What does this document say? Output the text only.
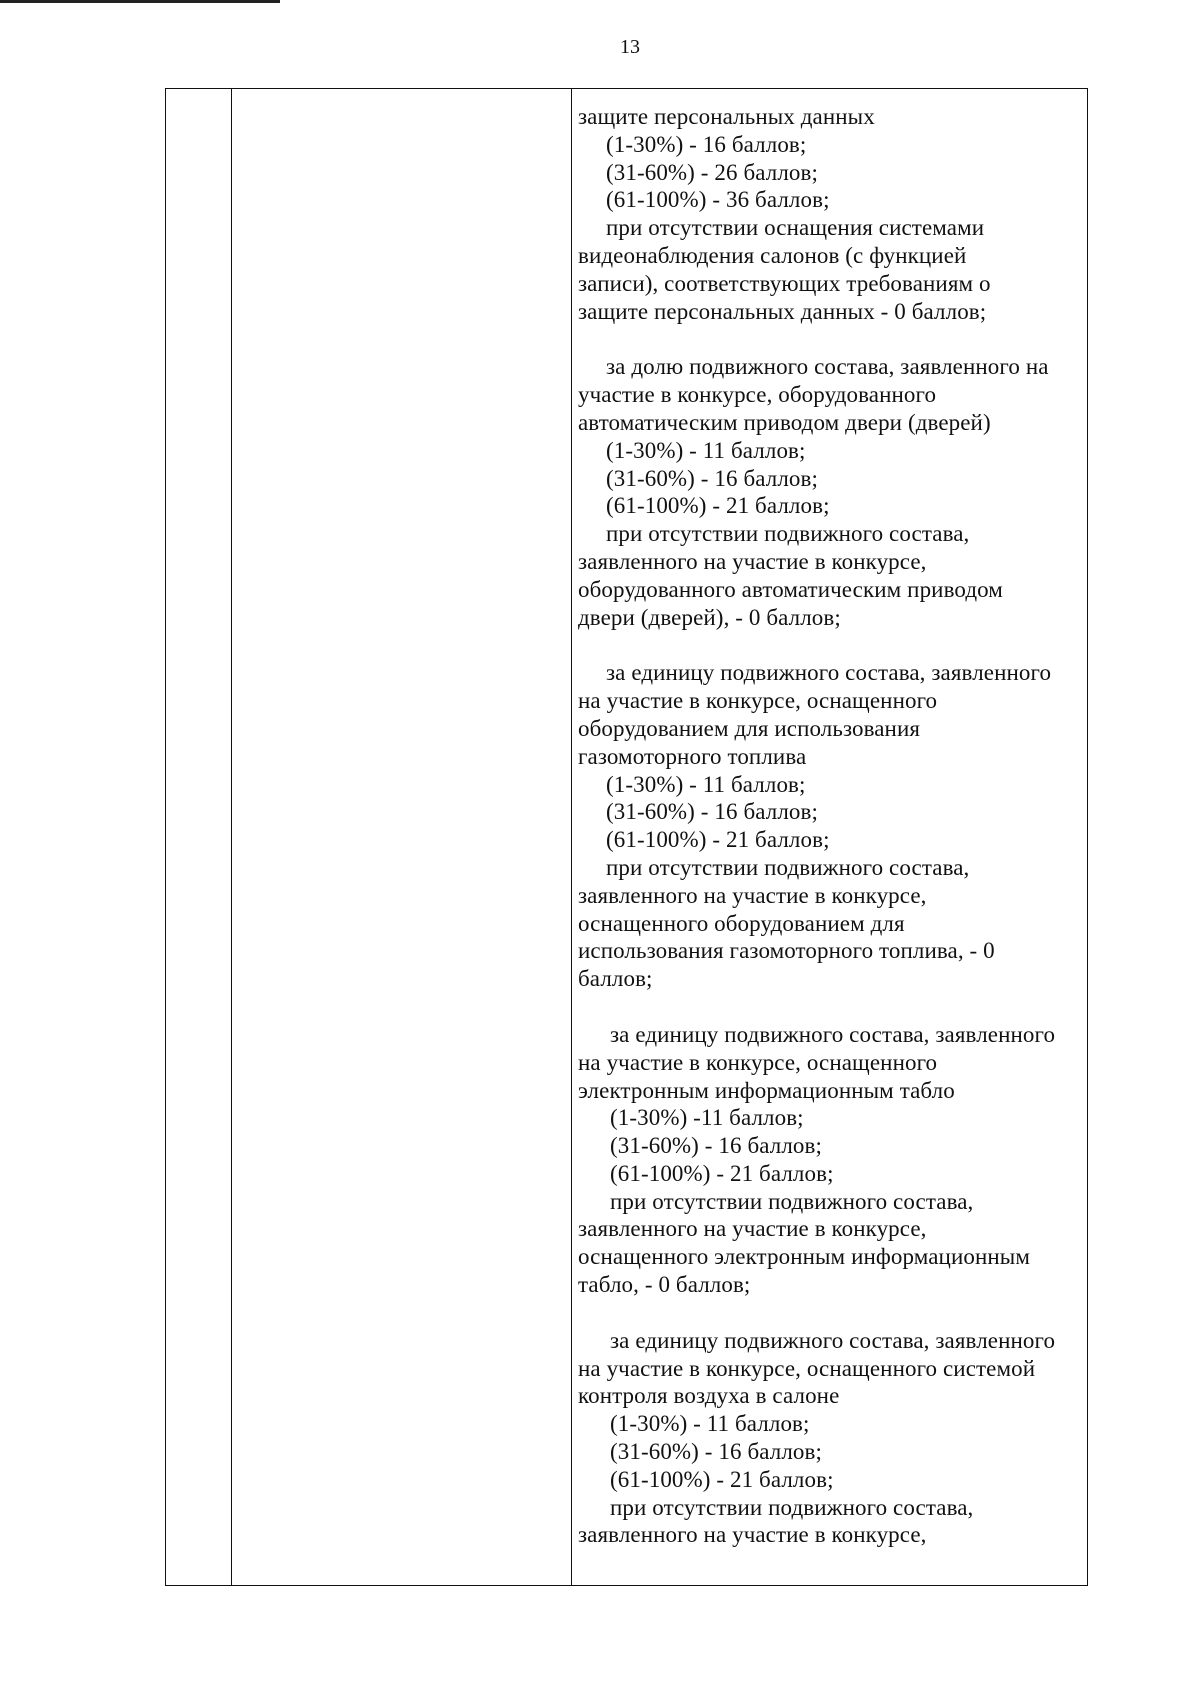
13

защите персональных данных
(1-30%) - 16 баллов;
(31-60%) - 26 баллов;
(61-100%) - 36 баллов;
при отсутствии оснащения системами
видеонаблюдения салонов (с функцией
записи), соответствующих требованиям о
защите персональных данных - 0 баллов;
за долю подвижного состава, заявленного на
участие в конкурсе, оборудованного
автоматическим приводом двери (дверей)
(1-30%) - 11 баллов;
(31-60%) - 16 баллов;
(61-100%) - 21 баллов;
при отсутствии подвижного состава,
заявленного на участие в конкурсе,
оборудованного автоматическим приводом
двери (дверей), - 0 баллов;
за единицу подвижного состава, заявленного
на участие в конкурсе, оснащенного
оборудованием для использования
газомоторного топлива
(1-30%) - 11 баллов;
(31-60%) - 16 баллов;
(61-100%) - 21 баллов;
при отсутствии подвижного состава,
заявленного на участие в конкурсе,
оснащенного оборудованием для
использования газомоторного топлива, - 0
баллов;
за единицу подвижного состава, заявленного
на участие в конкурсе, оснащенного
электронным информационным табло
(1-30%) -11 баллов;
(31-60%) - 16 баллов;
(61-100%) - 21 баллов;
при отсутствии подвижного состава,
заявленного на участие в конкурсе,
оснащенного электронным информационным
табло, - 0 баллов;
за единицу подвижного состава, заявленного
на участие в конкурсе, оснащенного системой
контроля воздуха в салоне
(1-30%) - 11 баллов;
(31-60%) - 16 баллов;
(61-100%) - 21 баллов;
при отсутствии подвижного состава,
заявленного на участие в конкурсе,
